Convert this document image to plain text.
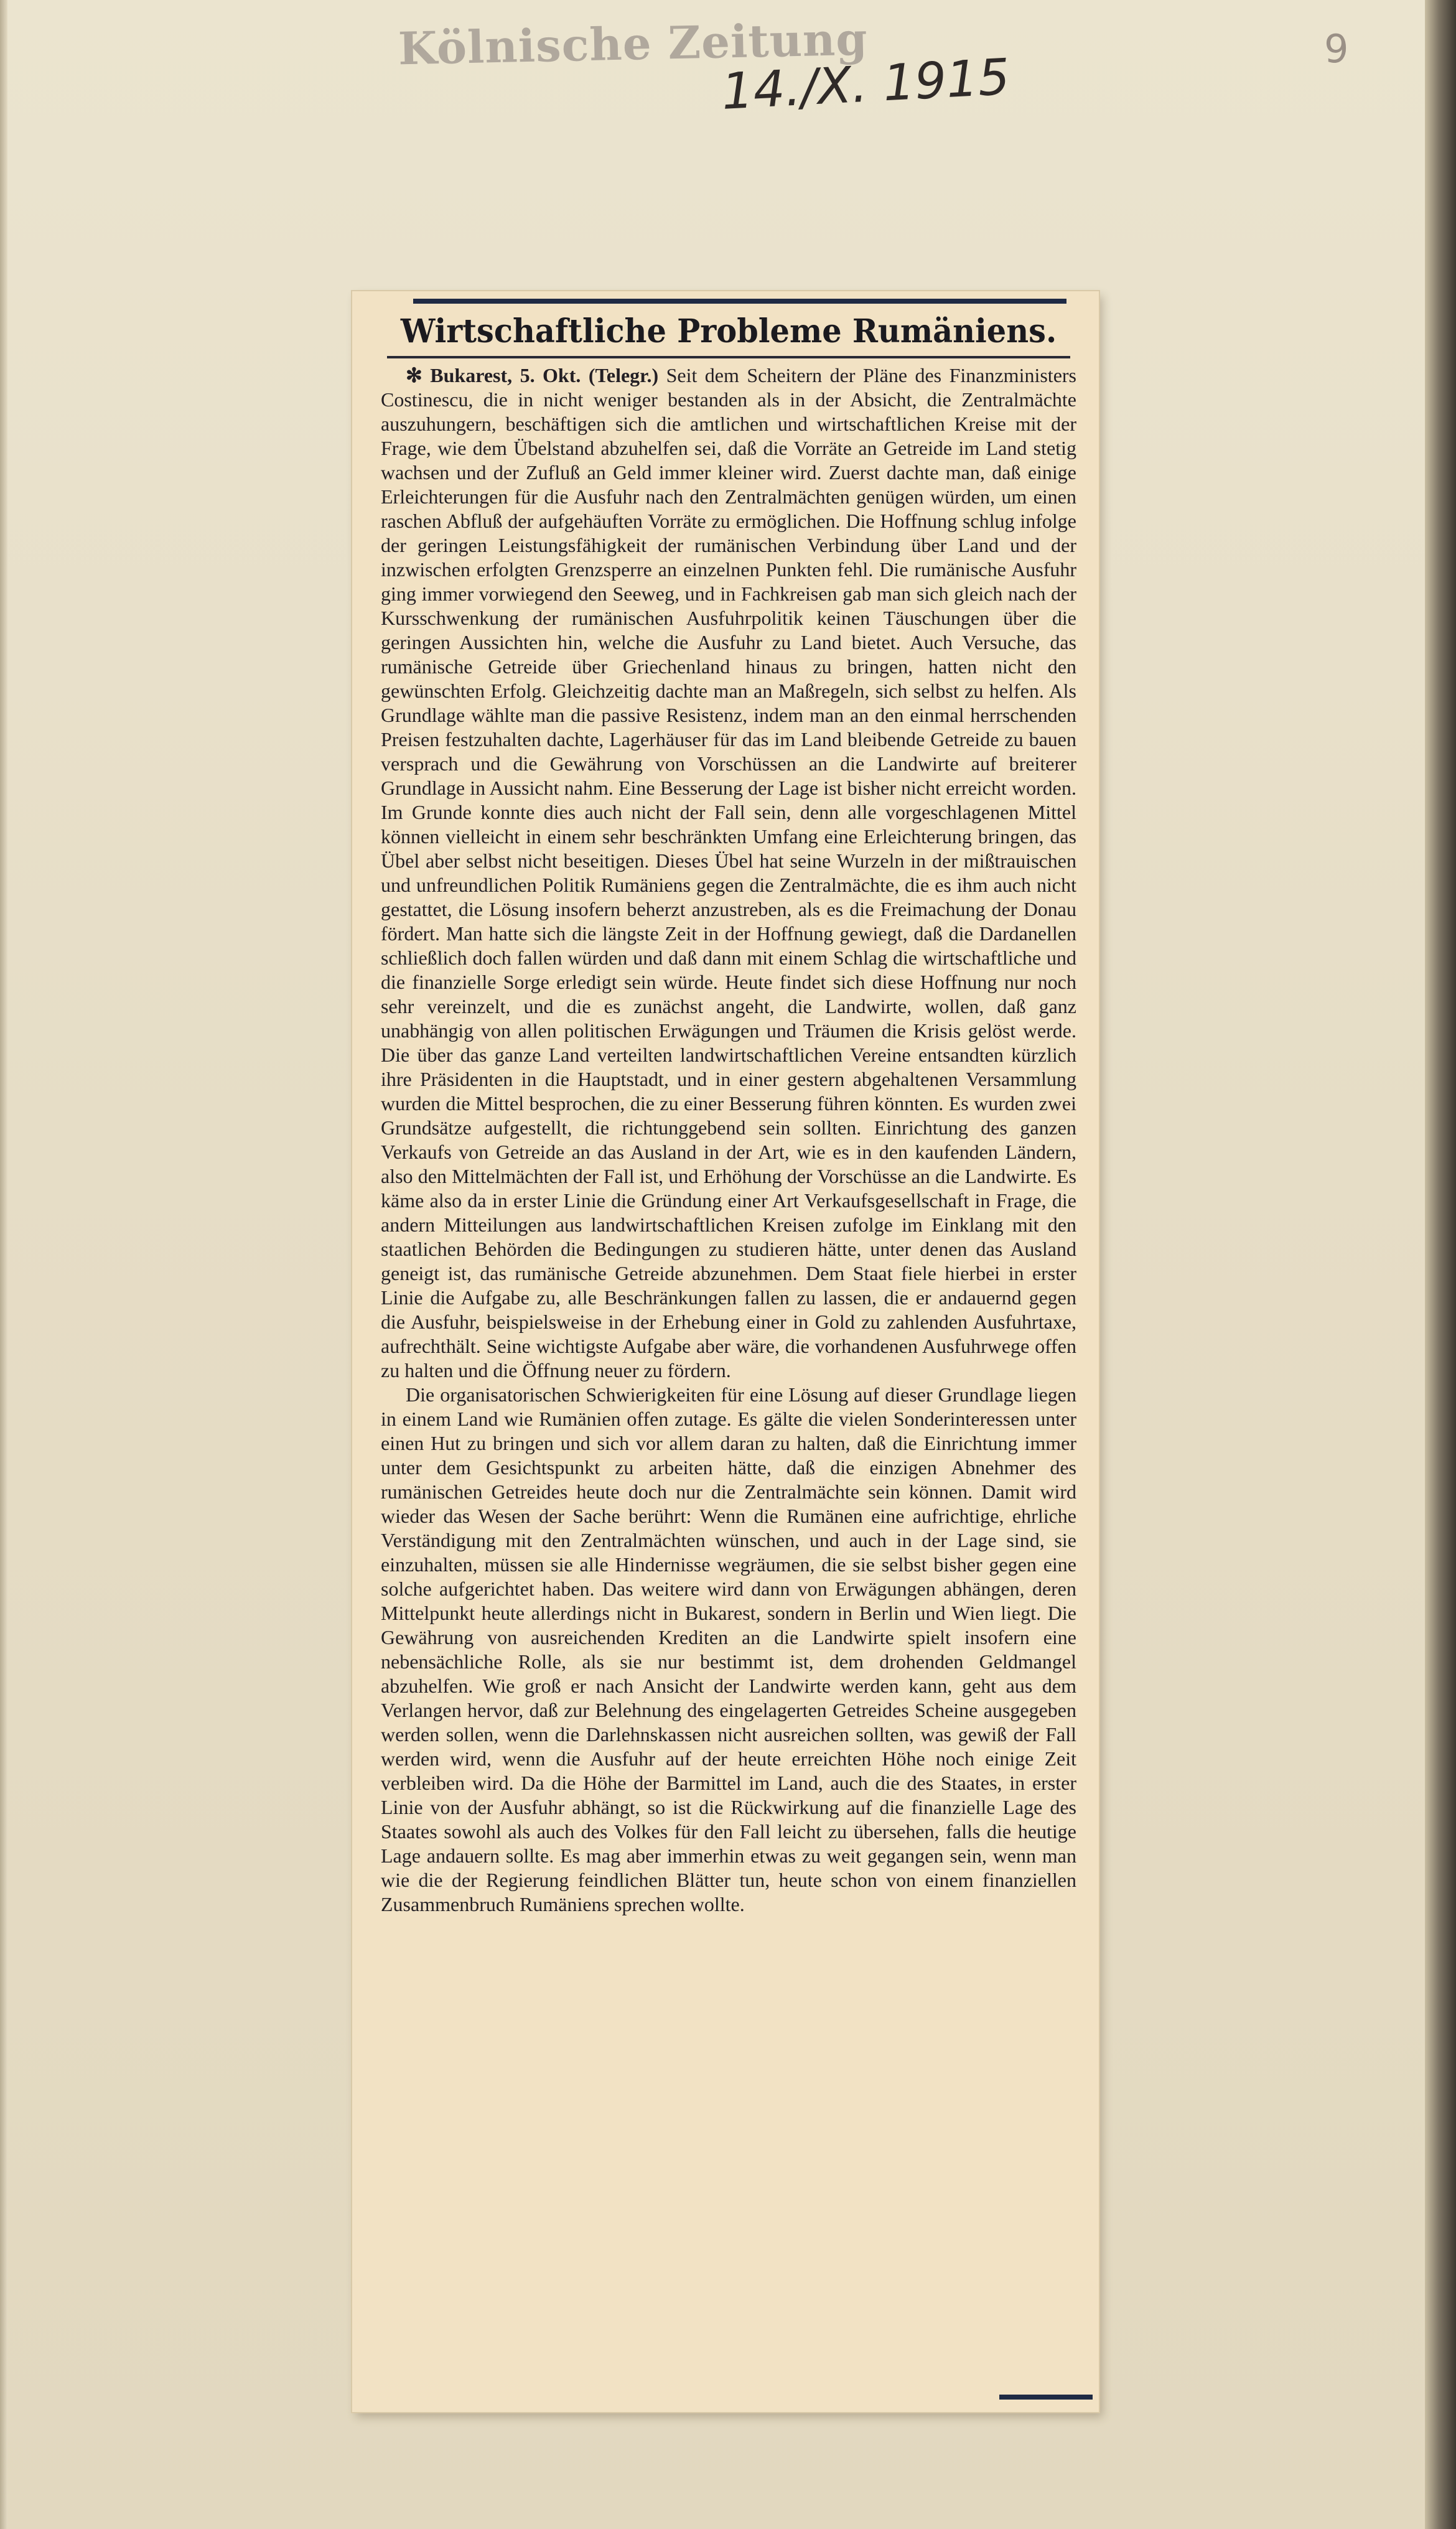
Kölnische Zeitung
14./X. 1915	9
Wirtschaftliche Probleme Rumäniens.

✻ Bukarest, 5. Okt. (Telegr.) Seit dem Scheitern der Pläne des Finanzministers Costinescu, die in nicht weniger bestanden als in der Absicht, die Zentralmächte auszuhungern, beschäftigen sich die amtlichen und wirtschaftlichen Kreise mit der Frage, wie dem Übelstand abzuhelfen sei, daß die Vorräte an Getreide im Land stetig wachsen und der Zufluß an Geld immer kleiner wird. Zuerst dachte man, daß einige Erleichterungen für die Ausfuhr nach den Zentralmächten genügen würden, um einen raschen Abfluß der aufgehäuften Vorräte zu ermöglichen. Die Hoffnung schlug infolge der geringen Leistungsfähigkeit der rumänischen Verbindung über Land und der inzwischen erfolgten Grenzsperre an einzelnen Punkten fehl. Die rumänische Ausfuhr ging immer vorwiegend den Seeweg, und in Fachkreisen gab man sich gleich nach der Kursschwenkung der rumänischen Ausfuhrpolitik keinen Täuschungen über die geringen Aussichten hin, welche die Ausfuhr zu Land bietet. Auch Versuche, das rumänische Getreide über Griechenland hinaus zu bringen, hatten nicht den gewünschten Erfolg. Gleichzeitig dachte man an Maßregeln, sich selbst zu helfen. Als Grundlage wählte man die passive Resistenz, indem man an den einmal herrschenden Preisen festzuhalten dachte, Lagerhäuser für das im Land bleibende Getreide zu bauen versprach und die Gewährung von Vorschüssen an die Landwirte auf breiterer Grundlage in Aussicht nahm. Eine Besserung der Lage ist bisher nicht erreicht worden. Im Grunde konnte dies auch nicht der Fall sein, denn alle vorgeschlagenen Mittel können vielleicht in einem sehr beschränkten Umfang eine Erleichterung bringen, das Übel aber selbst nicht beseitigen. Dieses Übel hat seine Wurzeln in der mißtrauischen und unfreundlichen Politik Rumäniens gegen die Zentralmächte, die es ihm auch nicht gestattet, die Lösung insofern beherzt anzustreben, als es die Freimachung der Donau fördert. Man hatte sich die längste Zeit in der Hoffnung gewiegt, daß die Dardanellen schließlich doch fallen würden und daß dann mit einem Schlag die wirtschaftliche und die finanzielle Sorge erledigt sein würde. Heute findet sich diese Hoffnung nur noch sehr vereinzelt, und die es zunächst angeht, die Landwirte, wollen, daß ganz unabhängig von allen politischen Erwägungen und Träumen die Krisis gelöst werde. Die über das ganze Land verteilten landwirtschaftlichen Vereine entsandten kürzlich ihre Präsidenten in die Hauptstadt, und in einer gestern abgehaltenen Versammlung wurden die Mittel besprochen, die zu einer Besserung führen könnten. Es wurden zwei Grundsätze aufgestellt, die richtunggebend sein sollten. Einrichtung des ganzen Verkaufs von Getreide an das Ausland in der Art, wie es in den kaufenden Ländern, also den Mittelmächten der Fall ist, und Erhöhung der Vorschüsse an die Landwirte. Es käme also da in erster Linie die Gründung einer Art Verkaufsgesellschaft in Frage, die andern Mitteilungen aus landwirtschaftlichen Kreisen zufolge im Einklang mit den staatlichen Behörden die Bedingungen zu studieren hätte, unter denen das Ausland geneigt ist, das rumänische Getreide abzunehmen. Dem Staat fiele hierbei in erster Linie die Aufgabe zu, alle Beschränkungen fallen zu lassen, die er andauernd gegen die Ausfuhr, beispielsweise in der Erhebung einer in Gold zu zahlenden Ausfuhrtaxe, aufrechthält. Seine wichtigste Aufgabe aber wäre, die vorhandenen Ausfuhrwege offen zu halten und die Öffnung neuer zu fördern.

Die organisatorischen Schwierigkeiten für eine Lösung auf dieser Grundlage liegen in einem Land wie Rumänien offen zutage. Es gälte die vielen Sonderinteressen unter einen Hut zu bringen und sich vor allem daran zu halten, daß die Einrichtung immer unter dem Gesichtspunkt zu arbeiten hätte, daß die einzigen Abnehmer des rumänischen Getreides heute doch nur die Zentralmächte sein können. Damit wird wieder das Wesen der Sache berührt: Wenn die Rumänen eine aufrichtige, ehrliche Verständigung mit den Zentralmächten wünschen, und auch in der Lage sind, sie einzuhalten, müssen sie alle Hindernisse wegräumen, die sie selbst bisher gegen eine solche aufgerichtet haben. Das weitere wird dann von Erwägungen abhängen, deren Mittelpunkt heute allerdings nicht in Bukarest, sondern in Berlin und Wien liegt. Die Gewährung von ausreichenden Krediten an die Landwirte spielt insofern eine nebensächliche Rolle, als sie nur bestimmt ist, dem drohenden Geldmangel abzuhelfen. Wie groß er nach Ansicht der Landwirte werden kann, geht aus dem Verlangen hervor, daß zur Belehnung des eingelagerten Getreides Scheine ausgegeben werden sollen, wenn die Darlehnskassen nicht ausreichen sollten, was gewiß der Fall werden wird, wenn die Ausfuhr auf der heute erreichten Höhe noch einige Zeit verbleiben wird. Da die Höhe der Barmittel im Land, auch die des Staates, in erster Linie von der Ausfuhr abhängt, so ist die Rückwirkung auf die finanzielle Lage des Staates sowohl als auch des Volkes für den Fall leicht zu übersehen, falls die heutige Lage andauern sollte. Es mag aber immerhin etwas zu weit gegangen sein, wenn man wie die der Regierung feindlichen Blätter tun, heute schon von einem finanziellen Zusammenbruch Rumäniens sprechen wollte.
